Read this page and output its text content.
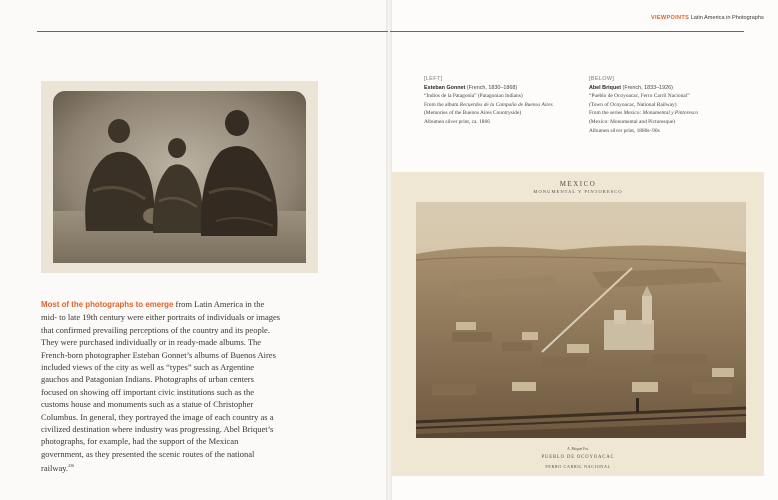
VIEWPOINTS Latin America in Photographs
Most of the photographs to emerge from Latin America in the mid- to late 19th century were either portraits of individuals or images that confirmed prevailing perceptions of the country and its people. They were purchased individually or in ready-made albums. The French-born photographer Esteban Gonnet’s albums of Buenos Aires included views of the city as well as “types” such as Argentine gauchos and Patagonian Indians. Photographs of urban centers focused on showing off important civic institutions such as the customs house and monuments such as a statue of Christopher Columbus. In general, they portrayed the image of each country as a civilized destination where industry was progressing. Abel Briquet’s photographs, for example, had the support of the Mexican government, as they presented the scenic routes of the national railway.$^{236}$
[LEFT]
Esteban Gonnet (French, 1830–1868)
“Indios de la Patagonia” (Patagonian Indians)
From the album Recuerdos de la Campaña de Buenos Aires
(Memories of the Buenos Aires Countryside)
Albumen silver print, ca. 1866
[BELOW]
Abel Briquet (French, 1833–1926)
“Pueblo de Ocoyoacac, Ferro Carril Nacional”
(Town of Ocoyoacac, National Railway)
From the series Mexico: Monumental y Pintoresco
(Mexico: Monumental and Picturesque)
Albumen silver print, 1880s–90s
MEXICO
MONUMENTAL Y PINTORESCO
A. Briquet Fot.
PUEBLO DE OCOYOACAC
FERRO CARRIL NACIONAL
